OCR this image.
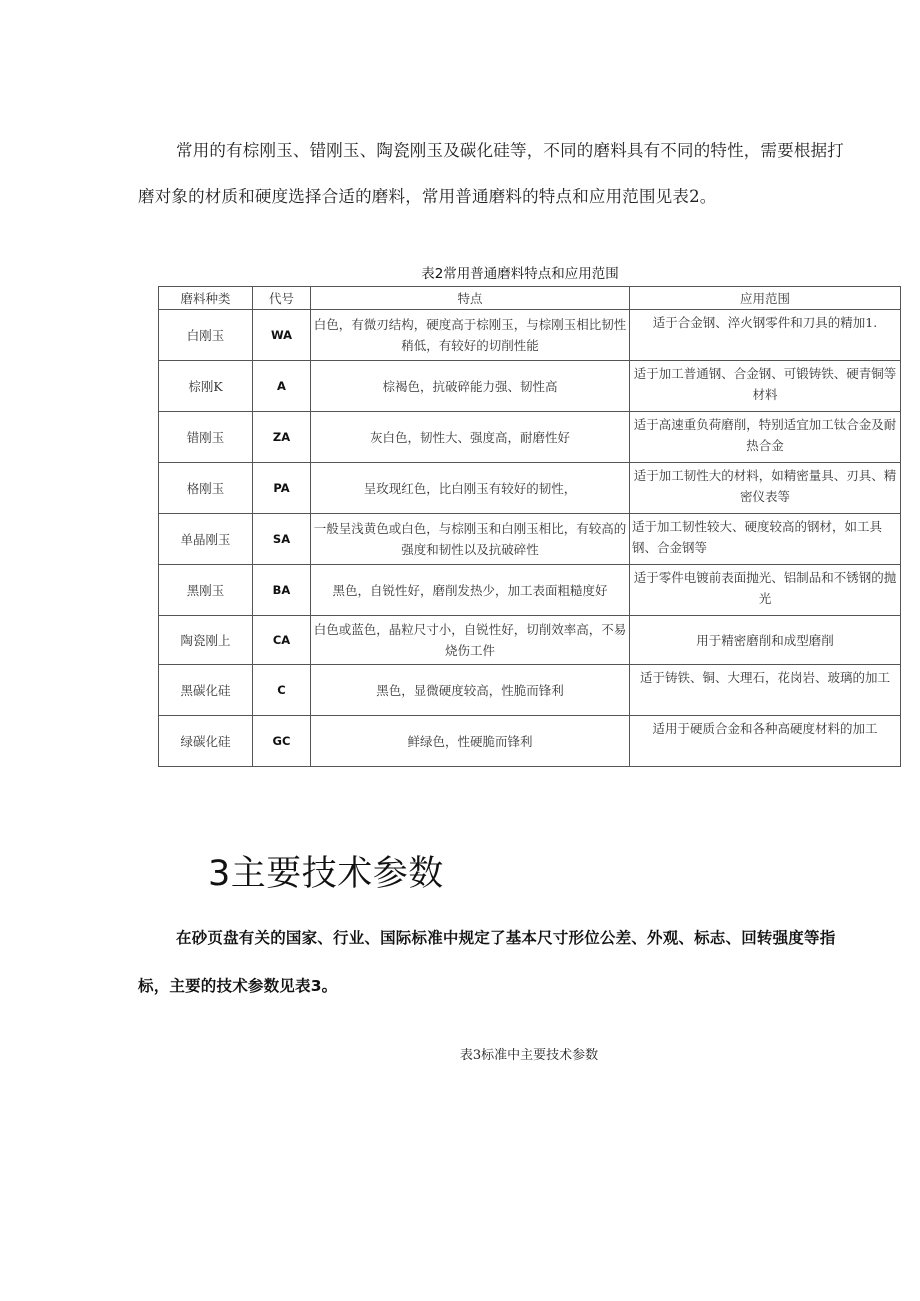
常用的有棕刚玉、错刚玉、陶瓷刚玉及碳化硅等，不同的磨料具有不同的特性，需要根据打
磨对象的材质和硬度选择合适的磨料，常用普通磨料的特点和应用范围见表2。
表2常用普通磨料特点和应用范围
磨料种类	代号	特点	应用范围
白刚玉	WA	白色，有微刃结构，硬度高于棕刚玉，与棕刚玉相比韧性稍低，有较好的切削性能	适于合金钢、淬火钢零件和刀具的精加1.
棕刚K	A	棕褐色，抗破碎能力强、韧性高	适于加工普通钢、合金钢、可锻铸铁、硬青铜等材料
错刚玉	ZA	灰白色，韧性大、强度高，耐磨性好	适于高速重负荷磨削，特别适宜加工钛合金及耐热合金
格刚玉	PA	呈玫现红色，比白刚玉有较好的韧性，	适于加工韧性大的材料，如精密量具、刃具、精密仪表等
单晶刚玉	SA	一般呈浅黄色或白色，与棕刚玉和白刚玉相比，有较高的强度和韧性以及抗破碎性	适于加工韧性较大、硬度较高的钢材，如工具钢、合金钢等
黑刚玉	BA	黑色，自锐性好，磨削发热少，加工表面粗糙度好	适于零件电镀前表面抛光、铝制品和不锈钢的抛光
陶瓷刚上	CA	白色或蓝色，晶粒尺寸小，自锐性好，切削效率高，不易烧伤工件	用于精密磨削和成型磨削
黑碳化硅	C	黑色，显微硬度较高，性脆而锋利	适于铸铁、铜、大理石，花岗岩、玻璃的加工
绿碳化硅	GC	鲜绿色，性硬脆而锋利	适用于硬质合金和各种高硬度材料的加工
3主要技术参数
在砂页盘有关的国家、行业、国际标准中规定了基本尺寸形位公差、外观、标志、回转强度等指
标，主要的技术参数见表3。
表3标准中主要技术参数
